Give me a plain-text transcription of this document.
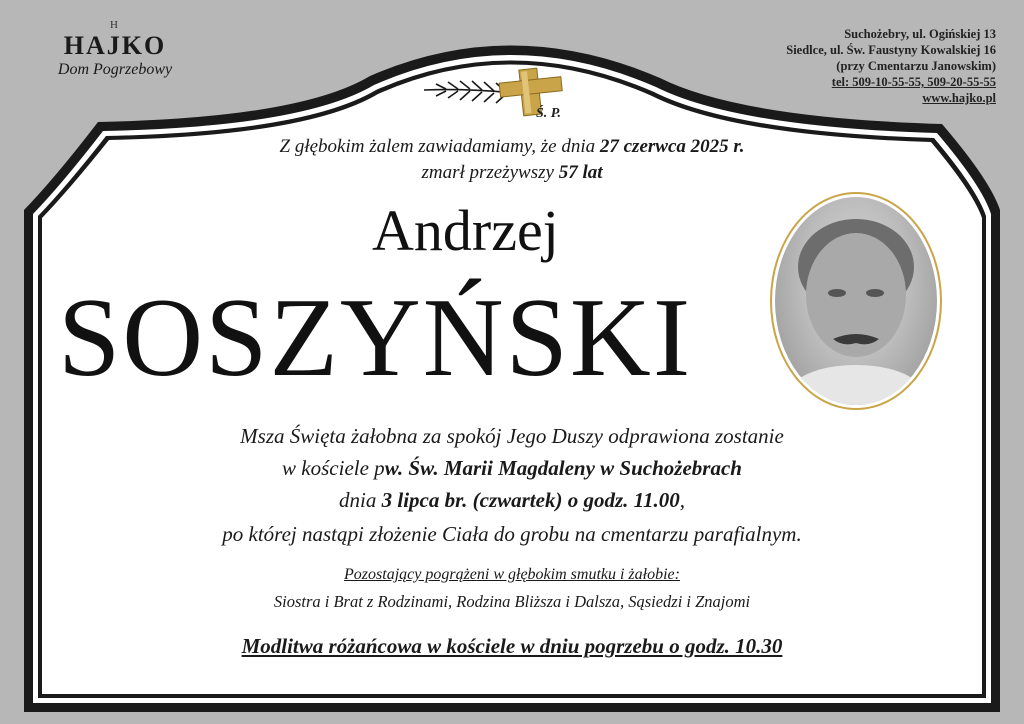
H
HAJKO
Dom Pogrzebowy
Suchożebry, ul. Ogińskiej 13
Siedlce, ul. Św. Faustyny Kowalskiej 16
(przy Cmentarzu Janowskim)
tel: 509-10-55-55, 509-20-55-55
www.hajko.pl
Ś. P.
Z głębokim żalem zawiadamiamy, że dnia 27 czerwca 2025 r.
zmarł przeżywszy 57 lat
Andrzej
SOSZYŃSKI
Msza Święta żałobna za spokój Jego Duszy odprawiona zostanie
w kościele pw. Św. Marii Magdaleny w Suchożebrach
dnia 3 lipca br. (czwartek) o godz. 11.00,
po której nastąpi złożenie Ciała do grobu na cmentarzu parafialnym.
Pozostający pogrążeni w głębokim smutku i żałobie:
Siostra i Brat z Rodzinami, Rodzina Bliższa i Dalsza, Sąsiedzi i Znajomi
Modlitwa różańcowa w kościele w dniu pogrzebu o godz. 10.30
